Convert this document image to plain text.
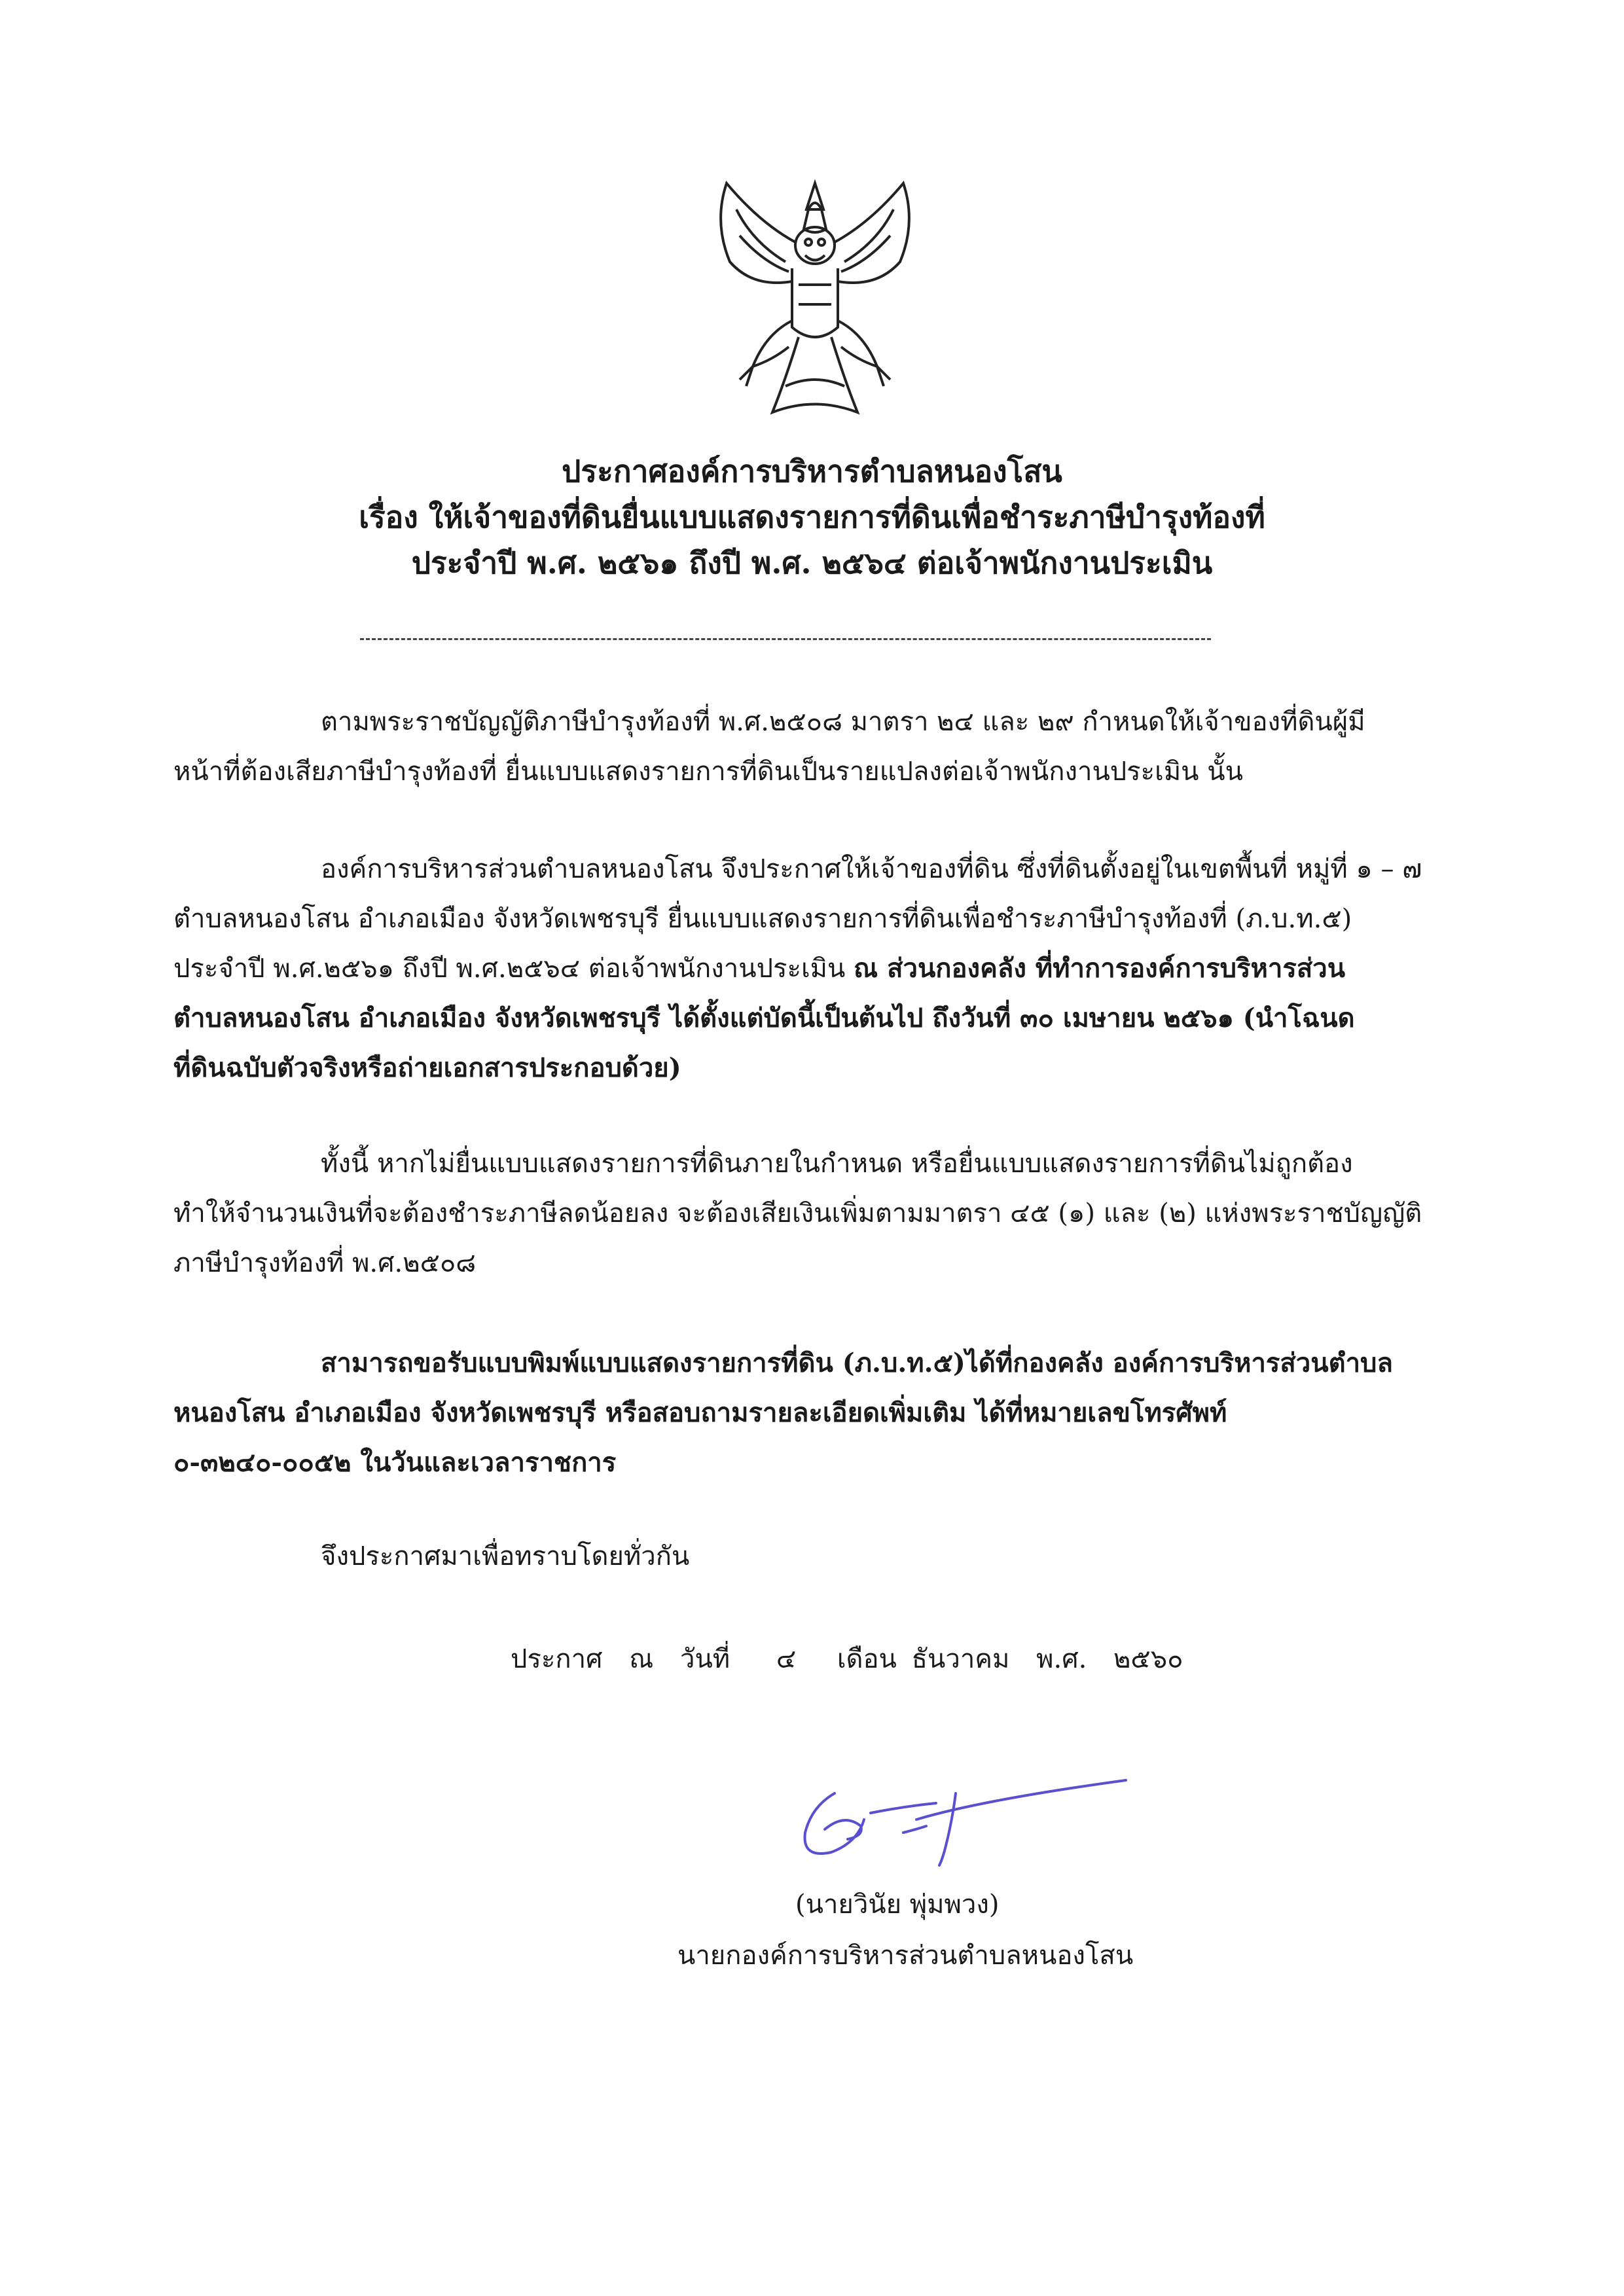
ประกาศองค์การบริหารตำบลหนองโสน
เรื่อง ให้เจ้าของที่ดินยื่นแบบแสดงรายการที่ดินเพื่อชำระภาษีบำรุงท้องที่
ประจำปี พ.ศ. ๒๕๖๑ ถึงปี พ.ศ. ๒๕๖๔ ต่อเจ้าพนักงานประเมิน
ตามพระราชบัญญัติภาษีบำรุงท้องที่ พ.ศ.๒๕๐๘ มาตรา ๒๔ และ ๒๙ กำหนดให้เจ้าของที่ดินผู้มี
หน้าที่ต้องเสียภาษีบำรุงท้องที่ ยื่นแบบแสดงรายการที่ดินเป็นรายแปลงต่อเจ้าพนักงานประเมิน นั้น
องค์การบริหารส่วนตำบลหนองโสน จึงประกาศให้เจ้าของที่ดิน ซึ่งที่ดินตั้งอยู่ในเขตพื้นที่ หมู่ที่ ๑ – ๗
ตำบลหนองโสน อำเภอเมือง จังหวัดเพชรบุรี ยื่นแบบแสดงรายการที่ดินเพื่อชำระภาษีบำรุงท้องที่ (ภ.บ.ท.๕)
ประจำปี พ.ศ.๒๕๖๑ ถึงปี พ.ศ.๒๕๖๔ ต่อเจ้าพนักงานประเมิน ณ ส่วนกองคลัง ที่ทำการองค์การบริหารส่วน
ตำบลหนองโสน อำเภอเมือง จังหวัดเพชรบุรี ได้ตั้งแต่บัดนี้เป็นต้นไป ถึงวันที่ ๓๐ เมษายน ๒๕๖๑ (นำโฉนด
ที่ดินฉบับตัวจริงหรือถ่ายเอกสารประกอบด้วย)
ทั้งนี้ หากไม่ยื่นแบบแสดงรายการที่ดินภายในกำหนด หรือยื่นแบบแสดงรายการที่ดินไม่ถูกต้อง
ทำให้จำนวนเงินที่จะต้องชำระภาษีลดน้อยลง จะต้องเสียเงินเพิ่มตามมาตรา ๔๕ (๑) และ (๒) แห่งพระราชบัญญัติ
ภาษีบำรุงท้องที่ พ.ศ.๒๕๐๘
สามารถขอรับแบบพิมพ์แบบแสดงรายการที่ดิน (ภ.บ.ท.๕)ได้ที่กองคลัง องค์การบริหารส่วนตำบล
หนองโสน อำเภอเมือง จังหวัดเพชรบุรี หรือสอบถามรายละเอียดเพิ่มเติม ได้ที่หมายเลขโทรศัพท์
๐-๓๒๔๐-๐๐๕๒ ในวันและเวลาราชการ
จึงประกาศมาเพื่อทราบโดยทั่วกัน
ประกาศ ณ วันที่ ๔ เดือน ธันวาคม พ.ศ. ๒๕๖๐
(นายวินัย พุ่มพวง)
นายกองค์การบริหารส่วนตำบลหนองโสน
